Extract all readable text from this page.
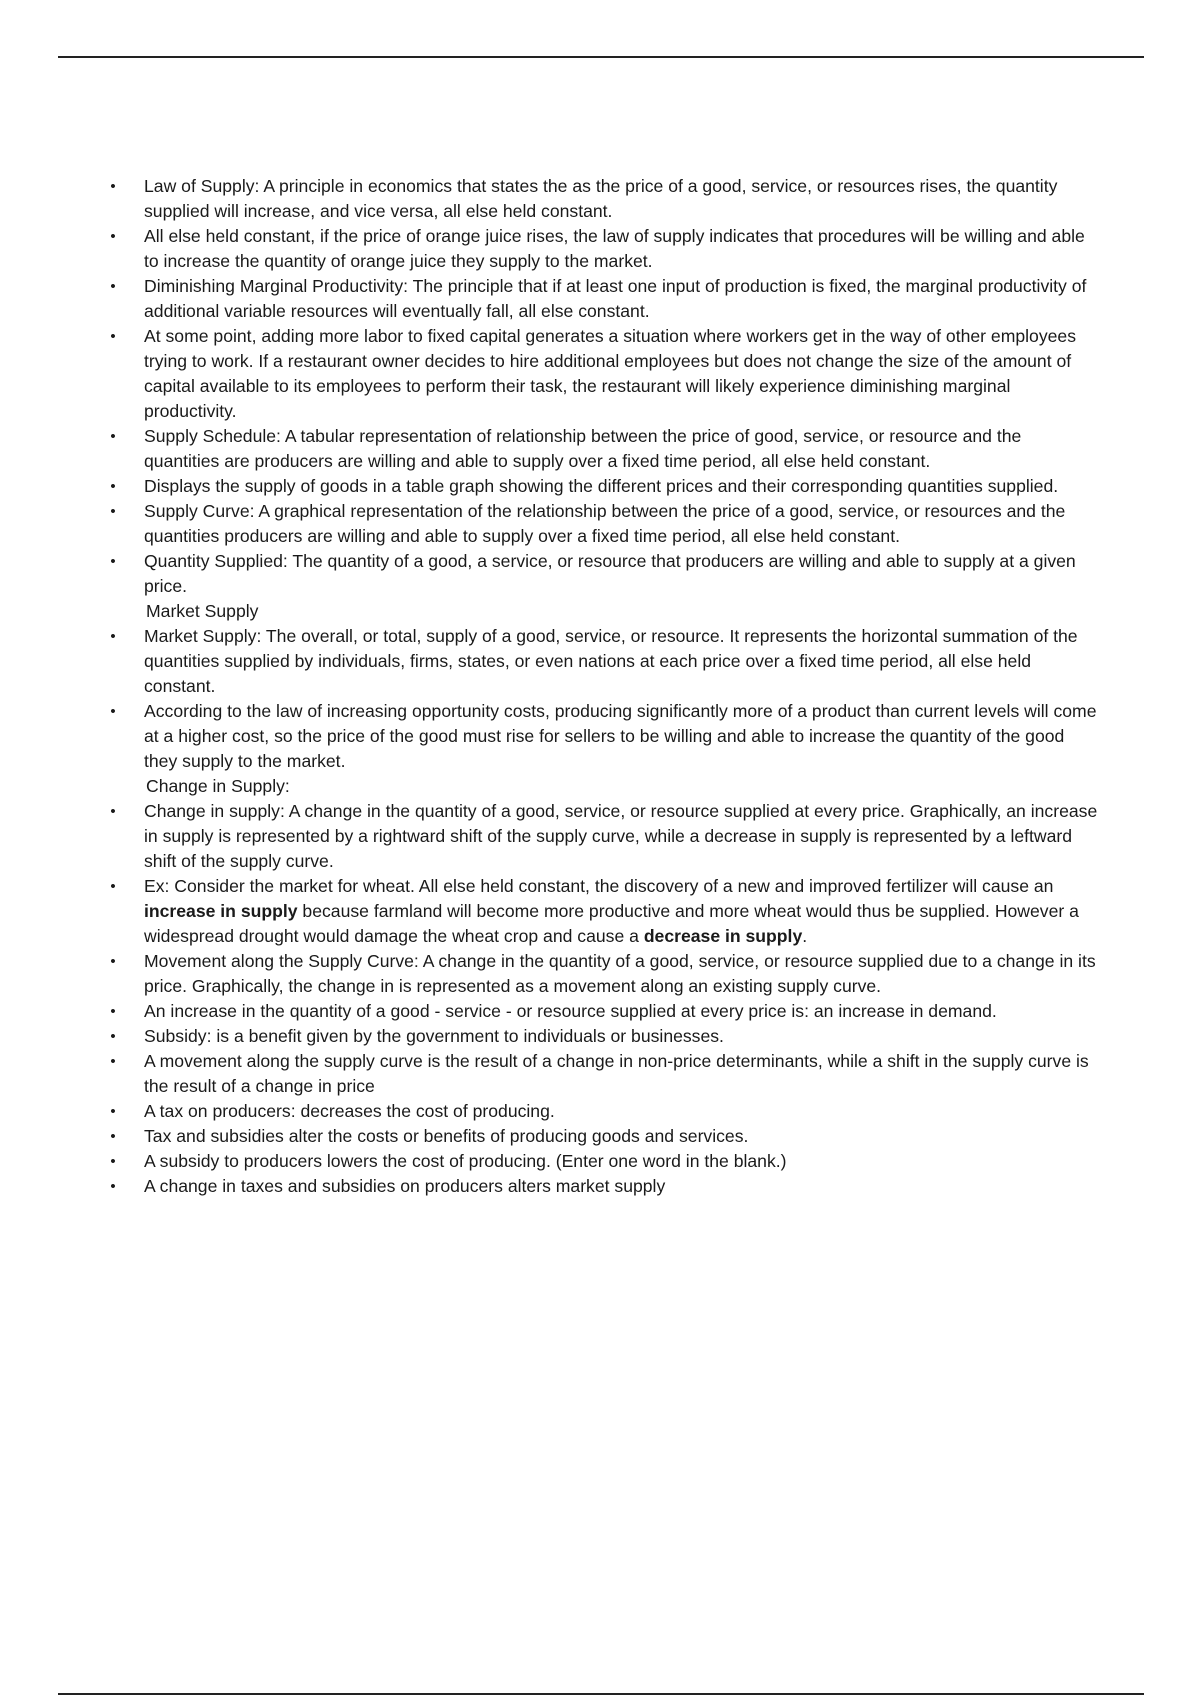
• Law of Supply: A principle in economics that states the as the price of a good, service, or resources rises, the quantity supplied will increase, and vice versa, all else held constant.
• All else held constant, if the price of orange juice rises, the law of supply indicates that procedures will be willing and able to increase the quantity of orange juice they supply to the market.
• Diminishing Marginal Productivity: The principle that if at least one input of production is fixed, the marginal productivity of additional variable resources will eventually fall, all else constant.
• At some point, adding more labor to fixed capital generates a situation where workers get in the way of other employees trying to work. If a restaurant owner decides to hire additional employees but does not change the size of the amount of capital available to its employees to perform their task, the restaurant will likely experience diminishing marginal productivity.
• Supply Schedule: A tabular representation of relationship between the price of good, service, or resource and the quantities are producers are willing and able to supply over a fixed time period, all else held constant.
• Displays the supply of goods in a table graph showing the different prices and their corresponding quantities supplied.
• Supply Curve: A graphical representation of the relationship between the price of a good, service, or resources and the quantities producers are willing and able to supply over a fixed time period, all else held constant.
• Quantity Supplied: The quantity of a good, a service, or resource that producers are willing and able to supply at a given price.
Market Supply
• Market Supply: The overall, or total, supply of a good, service, or resource. It represents the horizontal summation of the quantities supplied by individuals, firms, states, or even nations at each price over a fixed time period, all else held constant.
• According to the law of increasing opportunity costs, producing significantly more of a product than current levels will come at a higher cost, so the price of the good must rise for sellers to be willing and able to increase the quantity of the good they supply to the market.
Change in Supply:
• Change in supply: A change in the quantity of a good, service, or resource supplied at every price. Graphically, an increase in supply is represented by a rightward shift of the supply curve, while a decrease in supply is represented by a leftward shift of the supply curve.
• Ex: Consider the market for wheat. All else held constant, the discovery of a new and improved fertilizer will cause an increase in supply because farmland will become more productive and more wheat would thus be supplied. However a widespread drought would damage the wheat crop and cause a decrease in supply.
• Movement along the Supply Curve: A change in the quantity of a good, service, or resource supplied due to a change in its price. Graphically, the change in is represented as a movement along an existing supply curve.
• An increase in the quantity of a good - service - or resource supplied at every price is: an increase in demand.
• Subsidy: is a benefit given by the government to individuals or businesses.
• A movement along the supply curve is the result of a change in non-price determinants, while a shift in the supply curve is the result of a change in price
• A tax on producers: decreases the cost of producing.
• Tax and subsidies alter the costs or benefits of producing goods and services.
• A subsidy to producers lowers the cost of producing. (Enter one word in the blank.)
• A change in taxes and subsidies on producers alters market supply
